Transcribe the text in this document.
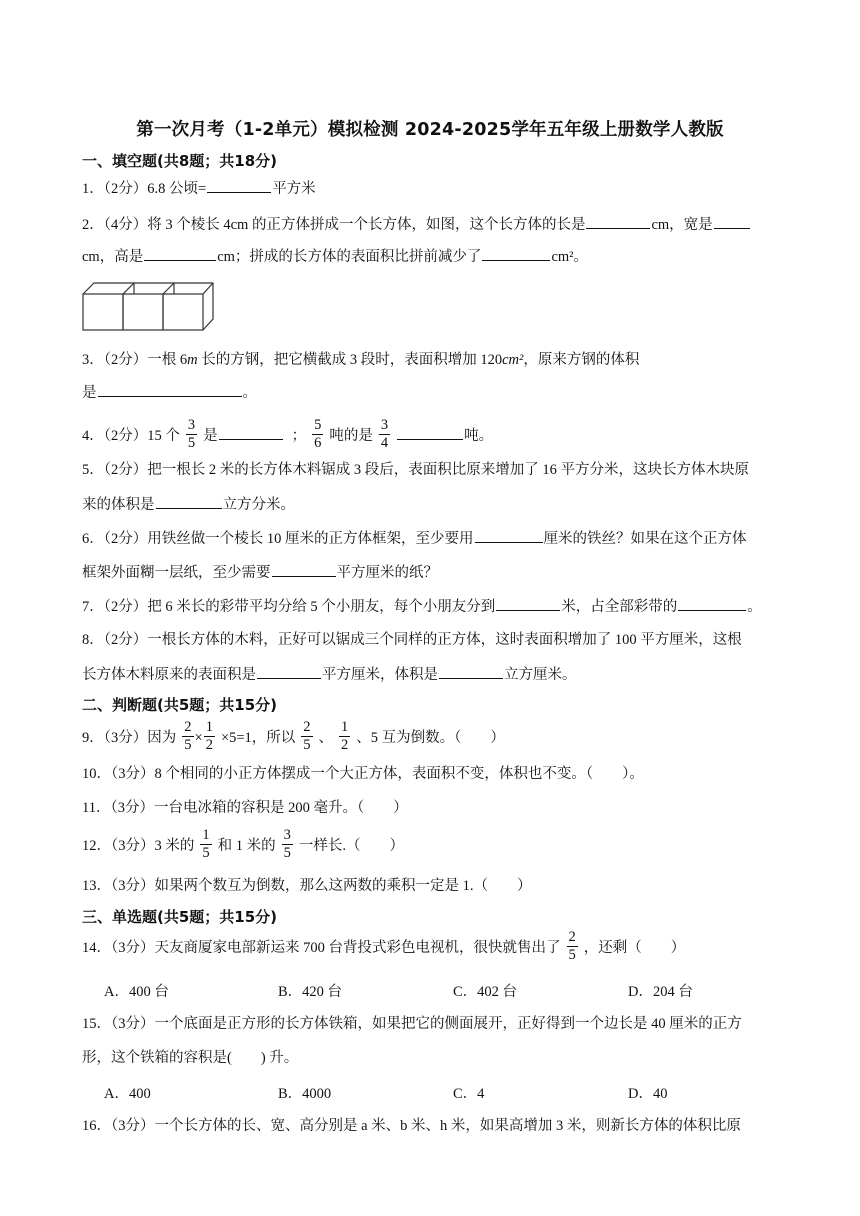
第一次月考（1-2单元）模拟检测 2024-2025学年五年级上册数学人教版
一、填空题(共8题；共18分)
1．（2分）6.8 公顷=	平方米
2．（4分）将 3 个棱长 4cm 的正方体拼成一个长方体，如图，这个长方体的长是	cm，宽是
cm，高是	cm；拼成的长方体的表面积比拼前减少了	cm²。
3．（2分）一根 6m 长的方钢，把它横截成 3 段时，表面积增加 120cm²，原来方钢的体积
是	。
4．（2分）15 个 $\frac{3}{5}$ 是	； $\frac{5}{6}$ 吨的是 $\frac{3}{4}$	吨。
5．（2分）把一根长 2 米的长方体木料锯成 3 段后，表面积比原来增加了 16 平方分米，这块长方体木块原
来的体积是	立方分米。
6．（2分）用铁丝做一个棱长 10 厘米的正方体框架，至少要用	厘米的铁丝？如果在这个正方体
框架外面糊一层纸，至少需要	平方厘米的纸？
7．（2分）把 6 米长的彩带平均分给 5 个小朋友，每个小朋友分到	米，占全部彩带的	。
8．（2分）一根长方体的木料，正好可以锯成三个同样的正方体，这时表面积增加了 100 平方厘米，这根
长方体木料原来的表面积是	平方厘米，体积是	立方厘米。
二、判断题(共5题；共15分)
9．（3分）因为 $\frac{2}{5} \times \frac{1}{2} \times 5=1$，所以 $\frac{2}{5}$ 、 $\frac{1}{2}$ 、5 互为倒数。（　　）
10．（3分）8 个相同的小正方体摆成一个大正方体，表面积不变，体积也不变。（　　）。
11．（3分）一台电冰箱的容积是 200 毫升。（　　）
12．（3分）3 米的 $\frac{1}{5}$ 和 1 米的 $\frac{3}{5}$ 一样长.（　　）
13．（3分）如果两个数互为倒数，那么这两数的乘积一定是 1.（　　）
三、单选题(共5题；共15分)
14．（3分）天友商厦家电部新运来 700 台背投式彩色电视机，很快就售出了 $\frac{2}{5}$ ，还剩（　　）
A．400 台	B．420 台	C．402 台	D．204 台
15．（3分）一个底面是正方形的长方体铁箱，如果把它的侧面展开，正好得到一个边长是 40 厘米的正方
形，这个铁箱的容积是(　　) 升。
A．400	B．4000	C．4	D．40
16．（3分）一个长方体的长、宽、高分别是 a 米、b 米、h 米，如果高增加 3 米，则新长方体的体积比原
